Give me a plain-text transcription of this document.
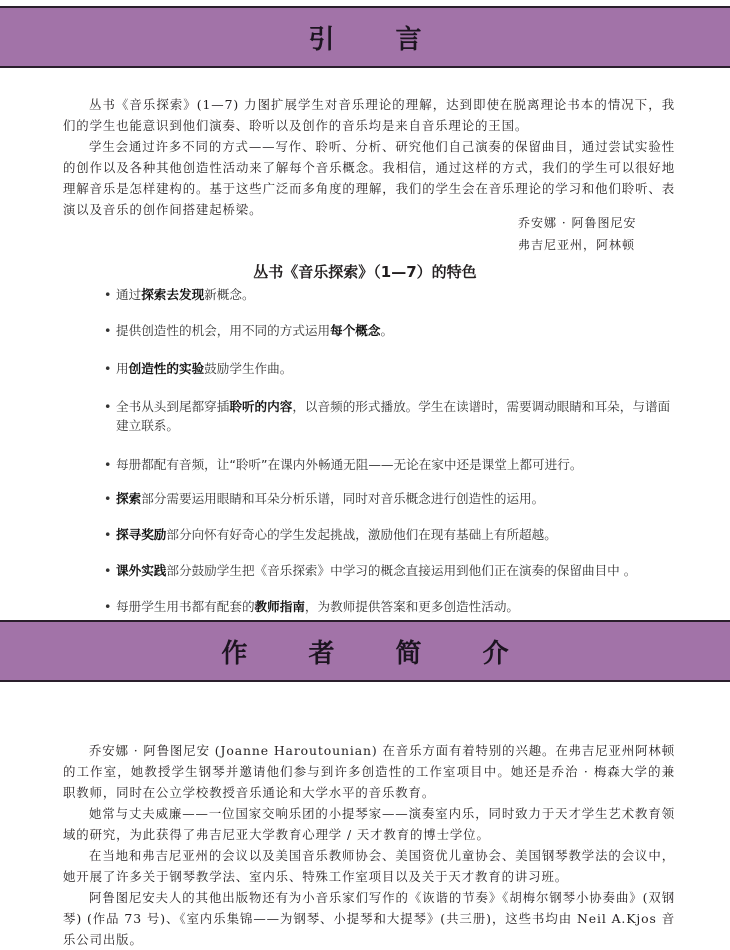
引 言

丛书《音乐探索》(1—7) 力图扩展学生对音乐理论的理解，达到即使在脱离理论书本的情况下，我们的学生也能意识到他们演奏、聆听以及创作的音乐均是来自音乐理论的王国。

学生会通过许多不同的方式——写作、聆听、分析、研究他们自己演奏的保留曲目，通过尝试实验性的创作以及各种其他创造性活动来了解每个音乐概念。我相信，通过这样的方式，我们的学生可以很好地理解音乐是怎样建构的。基于这些广泛而多角度的理解，我们的学生会在音乐理论的学习和他们聆听、表演以及音乐的创作间搭建起桥梁。

乔安娜 · 阿鲁图尼安

弗吉尼亚州，阿林顿

丛书《音乐探索》（1—7）的特色

• 通过探索去发现新概念。
• 提供创造性的机会，用不同的方式运用每个概念。
• 用创造性的实验鼓励学生作曲。
• 全书从头到尾都穿插聆听的内容，以音频的形式播放。学生在读谱时，需要调动眼睛和耳朵，与谱面建立联系。
• 每册都配有音频，让“聆听”在课内外畅通无阻——无论在家中还是课堂上都可进行。
• 探索部分需要运用眼睛和耳朵分析乐谱，同时对音乐概念进行创造性的运用。
• 探寻奖励部分向怀有好奇心的学生发起挑战，激励他们在现有基础上有所超越。
• 课外实践部分鼓励学生把《音乐探索》中学习的概念直接运用到他们正在演奏的保留曲目中 。
• 每册学生用书都有配套的教师指南，为教师提供答案和更多创造性活动。
作 者 简 介

乔安娜 · 阿鲁图尼安 (Joanne Haroutounian) 在音乐方面有着特别的兴趣。在弗吉尼亚州阿林顿的工作室，她教授学生钢琴并邀请他们参与到许多创造性的工作室项目中。她还是乔治 · 梅森大学的兼职教师，同时在公立学校教授音乐通论和大学水平的音乐教育。

她常与丈夫威廉——一位国家交响乐团的小提琴家——演奏室内乐，同时致力于天才学生艺术教育领域的研究，为此获得了弗吉尼亚大学教育心理学 / 天才教育的博士学位。

在当地和弗吉尼亚州的会议以及美国音乐教师协会、美国资优儿童协会、美国钢琴教学法的会议中，她开展了许多关于钢琴教学法、室内乐、特殊工作室项目以及关于天才教育的讲习班。

阿鲁图尼安夫人的其他出版物还有为小音乐家们写作的《诙谐的节奏》《胡梅尔钢琴小协奏曲》(双钢琴) (作品 73 号)、《室内乐集锦——为钢琴、小提琴和大提琴》(共三册)，这些书均由 Neil A.Kjos 音乐公司出版。
